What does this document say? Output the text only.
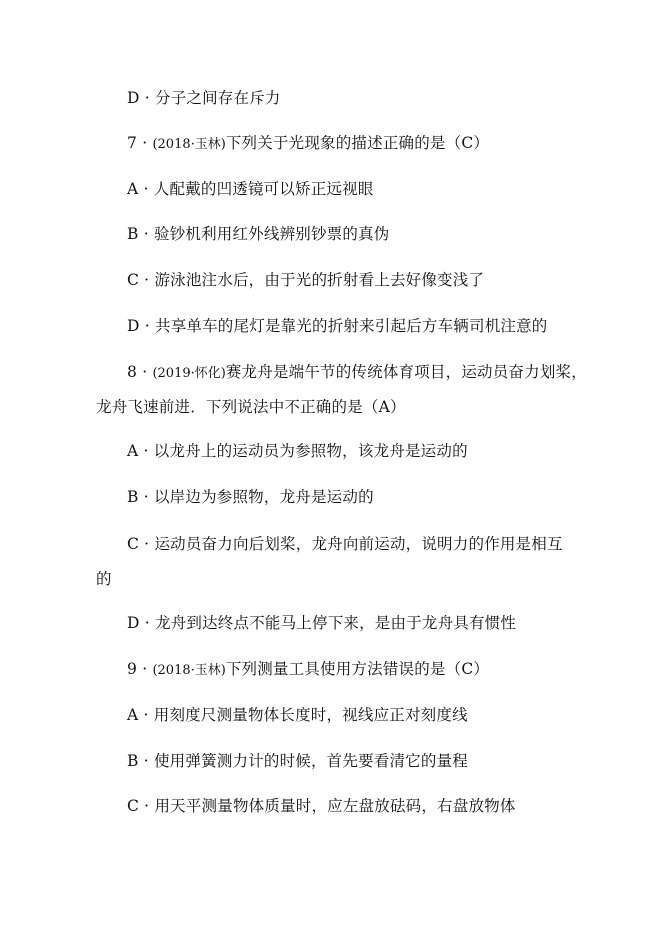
D · 分子之间存在斥力
7 · (2018·玉林)下列关于光现象的描述正确的是（C）
A · 人配戴的凹透镜可以矫正远视眼
B · 验钞机利用红外线辨别钞票的真伪
C · 游泳池注水后，由于光的折射看上去好像变浅了
D · 共享单车的尾灯是靠光的折射来引起后方车辆司机注意的
8 · (2019·怀化)赛龙舟是端午节的传统体育项目，运动员奋力划桨，
龙舟飞速前进．下列说法中不正确的是（A）
A · 以龙舟上的运动员为参照物，该龙舟是运动的
B · 以岸边为参照物，龙舟是运动的
C · 运动员奋力向后划桨，龙舟向前运动，说明力的作用是相互
的
D · 龙舟到达终点不能马上停下来，是由于龙舟具有惯性
9 · (2018·玉林)下列测量工具使用方法错误的是（C）
A · 用刻度尺测量物体长度时，视线应正对刻度线
B · 使用弹簧测力计的时候，首先要看清它的量程
C · 用天平测量物体质量时，应左盘放砝码，右盘放物体
